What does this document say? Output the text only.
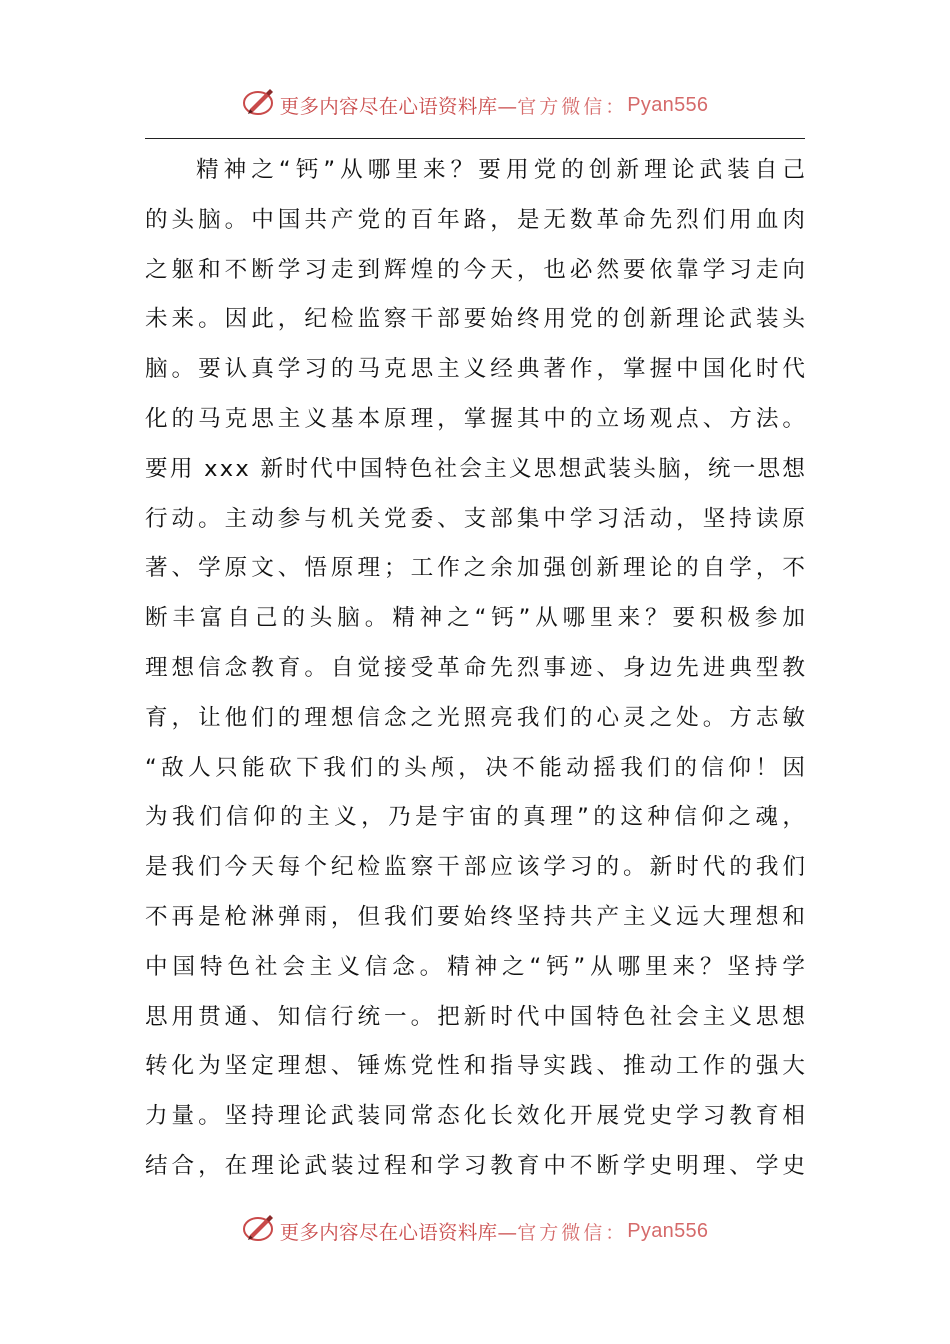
更多内容尽在心语资料库— 官方微信： Pyan556
精神之“钙”从哪里来？要用党的创新理论武装自己
的头脑。中国共产党的百年路，是无数革命先烈们用血肉
之躯和不断学习走到辉煌的今天，也必然要依靠学习走向
未来。因此，纪检监察干部要始终用党的创新理论武装头
脑。要认真学习的马克思主义经典著作，掌握中国化时代
化的马克思主义基本原理，掌握其中的立场观点、方法。
要用 xxx 新时代中国特色社会主义思想武装头脑，统一思想
行动。主动参与机关党委、支部集中学习活动，坚持读原
著、学原文、悟原理；工作之余加强创新理论的自学，不
断丰富自己的头脑。精神之“钙”从哪里来？要积极参加
理想信念教育。自觉接受革命先烈事迹、身边先进典型教
育，让他们的理想信念之光照亮我们的心灵之处。方志敏
“敌人只能砍下我们的头颅，决不能动摇我们的信仰！因
为我们信仰的主义，乃是宇宙的真理”的这种信仰之魂，
是我们今天每个纪检监察干部应该学习的。新时代的我们
不再是枪淋弹雨，但我们要始终坚持共产主义远大理想和
中国特色社会主义信念。精神之“钙”从哪里来？坚持学
思用贯通、知信行统一。把新时代中国特色社会主义思想
转化为坚定理想、锤炼党性和指导实践、推动工作的强大
力量。坚持理论武装同常态化长效化开展党史学习教育相
结合，在理论武装过程和学习教育中不断学史明理、学史
更多内容尽在心语资料库— 官方微信： Pyan556
